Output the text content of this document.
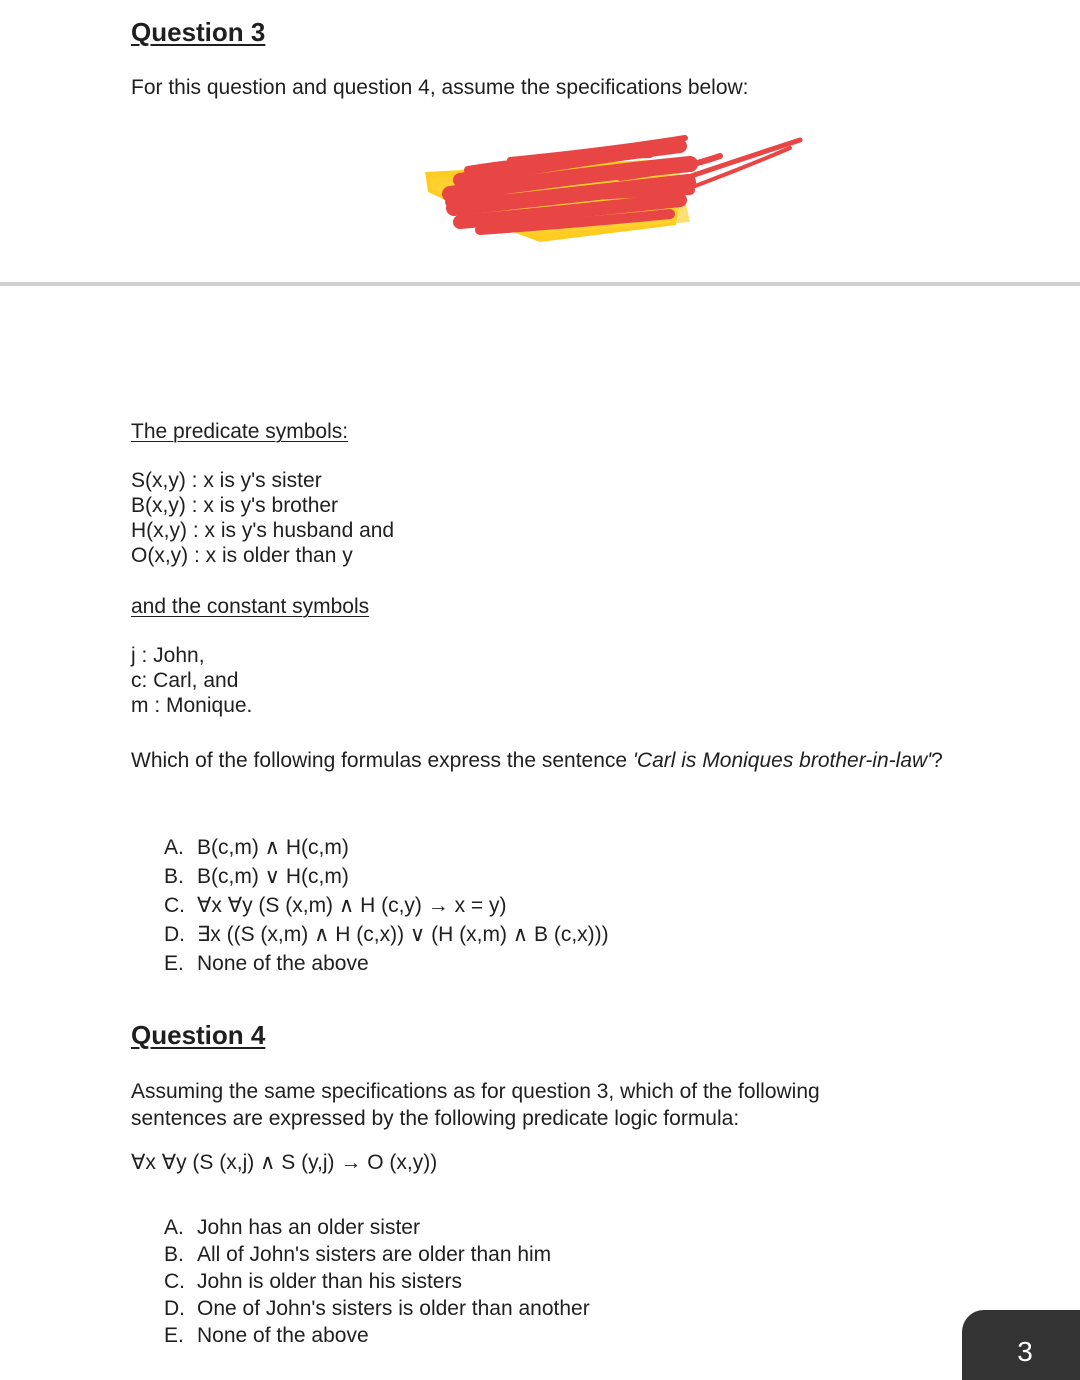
Question 3
For this question and question 4, assume the specifications below:
The predicate symbols:
S(x,y) : x is y's sister
B(x,y) : x is y's brother
H(x,y) : x is y's husband and
O(x,y) : x is older than y
and the constant symbols
j : John,
c: Carl, and
m : Monique.
Which of the following formulas express the sentence 'Carl is Moniques brother-in-law'?
A. B(c,m) ∧ H(c,m)
B. B(c,m) ∨ H(c,m)
C. ∀x ∀y (S (x,m) ∧ H (c,y) → x = y)
D. ∃x ((S (x,m) ∧ H (c,x)) ∨ (H (x,m) ∧ B (c,x)))
E. None of the above
Question 4
Assuming the same specifications as for question 3, which of the following
sentences are expressed by the following predicate logic formula:
∀x ∀y (S (x,j) ∧ S (y,j) → O (x,y))
A. John has an older sister
B. All of John's sisters are older than him
C. John is older than his sisters
D. One of John's sisters is older than another
E. None of the above
3
